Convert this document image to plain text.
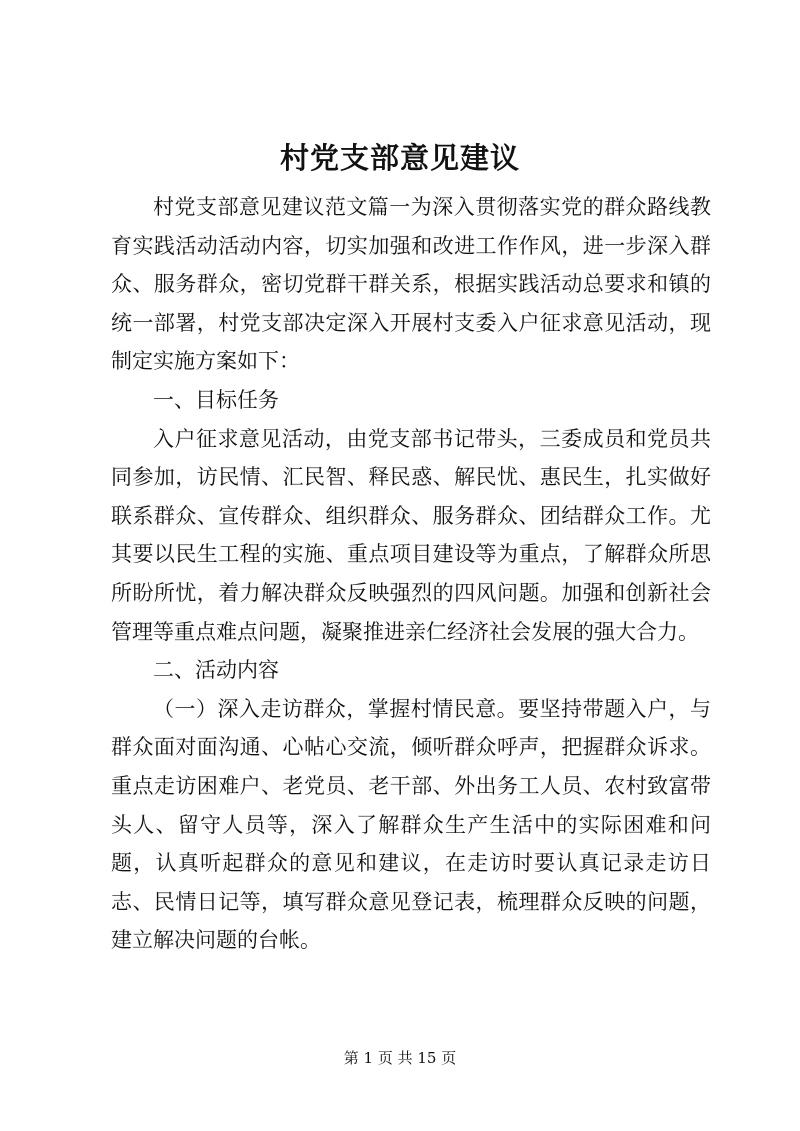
村党支部意见建议

村党支部意见建议范文篇一为深入贯彻落实党的群众路线教育实践活动活动内容，切实加强和改进工作作风，进一步深入群众、服务群众，密切党群干群关系，根据实践活动总要求和镇的统一部署，村党支部决定深入开展村支委入户征求意见活动，现制定实施方案如下：

一、目标任务

入户征求意见活动，由党支部书记带头，三委成员和党员共同参加，访民情、汇民智、释民惑、解民忧、惠民生，扎实做好联系群众、宣传群众、组织群众、服务群众、团结群众工作。尤其要以民生工程的实施、重点项目建设等为重点，了解群众所思所盼所忧，着力解决群众反映强烈的四风问题。加强和创新社会管理等重点难点问题，凝聚推进亲仁经济社会发展的强大合力。

二、活动内容

（一）深入走访群众，掌握村情民意。要坚持带题入户，与群众面对面沟通、心帖心交流，倾听群众呼声，把握群众诉求。重点走访困难户、老党员、老干部、外出务工人员、农村致富带头人、留守人员等，深入了解群众生产生活中的实际困难和问题，认真听起群众的意见和建议，在走访时要认真记录走访日志、民情日记等，填写群众意见登记表，梳理群众反映的问题，建立解决问题的台帐。

第 1 页 共 15 页
